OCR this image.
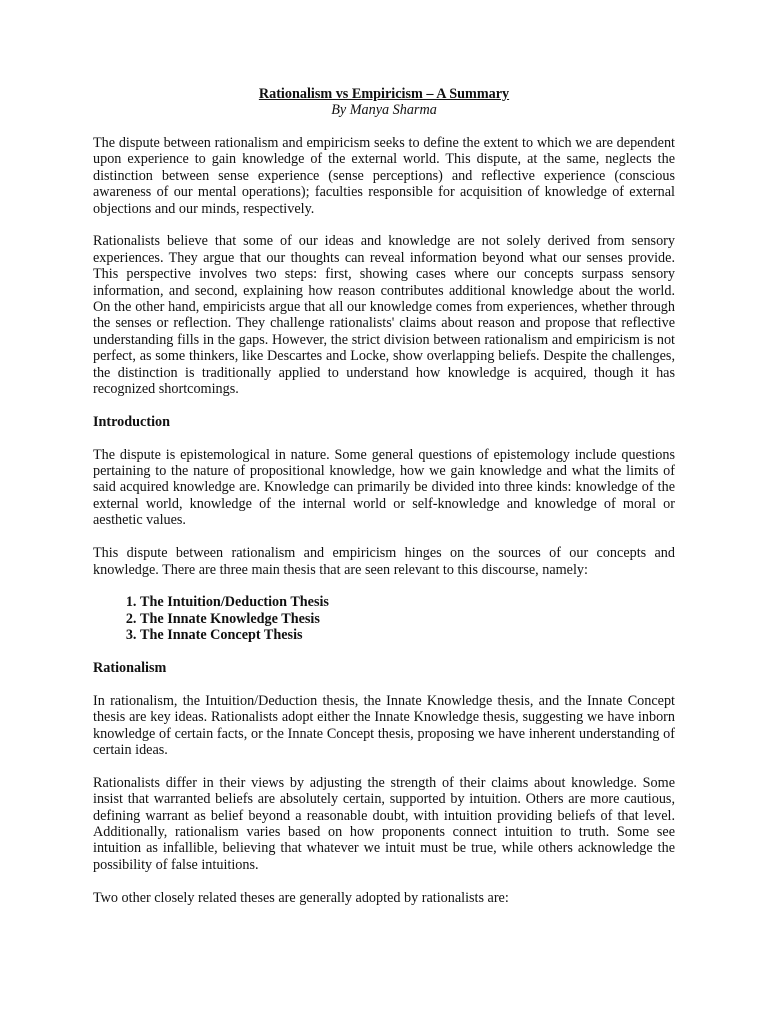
Rationalism vs Empiricism – A Summary
By Manya Sharma

The dispute between rationalism and empiricism seeks to define the extent to which we are dependent upon experience to gain knowledge of the external world. This dispute, at the same, neglects the distinction between sense experience (sense perceptions) and reflective experience (conscious awareness of our mental operations); faculties responsible for acquisition of knowledge of external objections and our minds, respectively.

Rationalists believe that some of our ideas and knowledge are not solely derived from sensory experiences. They argue that our thoughts can reveal information beyond what our senses provide. This perspective involves two steps: first, showing cases where our concepts surpass sensory information, and second, explaining how reason contributes additional knowledge about the world. On the other hand, empiricists argue that all our knowledge comes from experiences, whether through the senses or reflection. They challenge rationalists' claims about reason and propose that reflective understanding fills in the gaps. However, the strict division between rationalism and empiricism is not perfect, as some thinkers, like Descartes and Locke, show overlapping beliefs. Despite the challenges, the distinction is traditionally applied to understand how knowledge is acquired, though it has recognized shortcomings.

Introduction

The dispute is epistemological in nature. Some general questions of epistemology include questions pertaining to the nature of propositional knowledge, how we gain knowledge and what the limits of said acquired knowledge are. Knowledge can primarily be divided into three kinds: knowledge of the external world, knowledge of the internal world or self-knowledge and knowledge of moral or aesthetic values.

This dispute between rationalism and empiricism hinges on the sources of our concepts and knowledge. There are three main thesis that are seen relevant to this discourse, namely:

1. The Intuition/Deduction Thesis
2. The Innate Knowledge Thesis
3. The Innate Concept Thesis
Rationalism

In rationalism, the Intuition/Deduction thesis, the Innate Knowledge thesis, and the Innate Concept thesis are key ideas. Rationalists adopt either the Innate Knowledge thesis, suggesting we have inborn knowledge of certain facts, or the Innate Concept thesis, proposing we have inherent understanding of certain ideas.

Rationalists differ in their views by adjusting the strength of their claims about knowledge. Some insist that warranted beliefs are absolutely certain, supported by intuition. Others are more cautious, defining warrant as belief beyond a reasonable doubt, with intuition providing beliefs of that level. Additionally, rationalism varies based on how proponents connect intuition to truth. Some see intuition as infallible, believing that whatever we intuit must be true, while others acknowledge the possibility of false intuitions.

Two other closely related theses are generally adopted by rationalists are:
